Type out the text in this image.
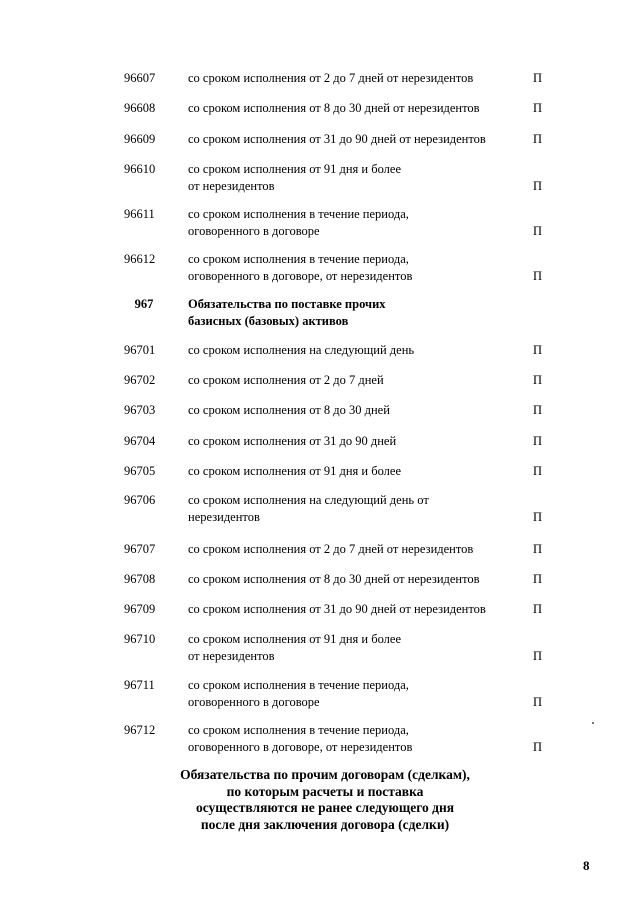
96607	со сроком исполнения от 2 до 7 дней от нерезидентов	П
96608	со сроком исполнения от 8 до 30 дней от нерезидентов	П
96609	со сроком исполнения от 31 до 90 дней от нерезидентов	П
96610	со сроком исполнения от 91 дня и более
от нерезидентов	П
96611	со сроком исполнения в течение периода,
оговоренного в договоре	П
96612	со сроком исполнения в течение периода,
оговоренного в договоре, от нерезидентов	П
967	Обязательства по поставке прочих
базисных (базовых) активов
96701	со сроком исполнения на следующий день	П
96702	со сроком исполнения от 2 до 7 дней	П
96703	со сроком исполнения от 8 до 30 дней	П
96704	со сроком исполнения от 31 до 90 дней	П
96705	со сроком исполнения от 91 дня и более	П
96706	со сроком исполнения на следующий день от
нерезидентов	П
96707	со сроком исполнения от 2 до 7 дней от нерезидентов	П
96708	со сроком исполнения от 8 до 30 дней от нерезидентов	П
96709	со сроком исполнения от 31 до 90 дней от нерезидентов	П
96710	со сроком исполнения от 91 дня и более
от нерезидентов	П
96711	со сроком исполнения в течение периода,
оговоренного в договоре	П
96712	со сроком исполнения в течение периода,
оговоренного в договоре, от нерезидентов	П
Обязательства по прочим договорам (сделкам),
по которым расчеты и поставка
осуществляются не ранее следующего дня
после дня заключения договора (сделки)
8
